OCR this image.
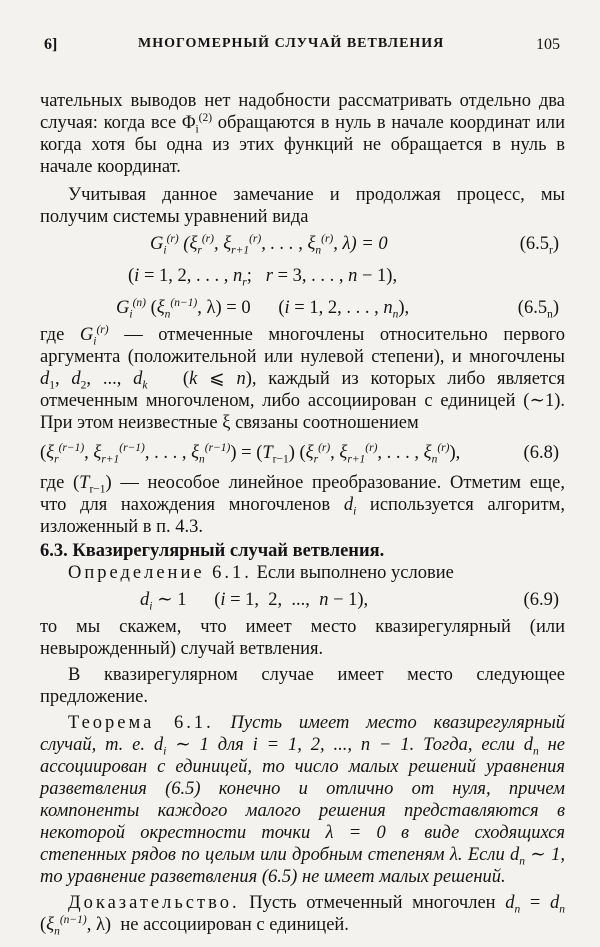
6]	МНОГОМЕРНЫЙ СЛУЧАЙ ВЕТВЛЕНИЯ	105

чательных выводов нет надобности рассматривать отдельно два случая: когда все $\Phi_i^{(2)}$ обращаются в нуль в начале координат или когда хотя бы одна из этих функций не обращается в нуль в начале координат.

Учитывая данное замечание и продолжая процесс, мы получим системы уравнений вида

$G_i^{(r)}$ ($\xi_r^{(r)}$, $\xi_{r+1}^{(r)}$, . . . , $\xi_n^{(r)}$, λ) = 0	$(6.5_r)$
(i = 1, 2, . . . , $n_r$;   r = 3, . . . , n − 1),
$G_i^{(n)}$ ($\xi_n^{(n-1)}$, λ) = 0      (i = 1, 2, . . . , $n_n$),	$(6.5_n)$

где $G_i^{(r)}$ — отмеченные многочлены относительно первого аргумента (положительной или нулевой степени), и многочлены $d_1$, $d_2$, ..., $d_k$   (k ⩽ n), каждый из которых либо является отмеченным многочленом, либо ассоциирован с единицей (∼1). При этом неизвестные ξ связаны соотношением

($\xi_r^{(r-1)}$, $\xi_{r+1}^{(r-1)}$, . . . , $\xi_n^{(r-1)}) = (T_{r-1})$ ($\xi_r^{(r)}$, $\xi_{r+1}^{(r)}$, . . . , $\xi_n^{(r)}$),	(6.8)

где $(T_{r-1})$ — неособое линейное преобразование. Отметим еще, что для нахождения многочленов $d_i$ используется алгоритм, изложенный в п. 4.3.

6.3. Квазирегулярный случай ветвления.

Определение 6.1. Если выполнено условие

$d_i$ ∼ 1      (i = 1,  2,  ...,  n − 1),	(6.9)

то мы скажем, что имеет место квазирегулярный (или невырожденный) случай ветвления.

В квазирегулярном случае имеет место следующее предложение.

Теорема 6.1. Пусть имеет место квазирегулярный случай, т. е. $d_i$ ∼ 1 для i = 1, 2, ..., n − 1. Тогда, если $d_n$ не ассоциирован с единицей, то число малых решений уравнения разветвления (6.5) конечно и отлично от нуля, причем компоненты каждого малого решения представляются в некоторой окрестности точки λ = 0 в виде сходящихся степенных рядов по целым или дробным степеням λ. Если $d_n$ ∼ 1, то уравнение разветвления (6.5) не имеет малых решений.

Доказательство. Пусть отмеченный многочлен $d_n = d_n$ ($\xi_n^{(n-1)}$, λ)  не ассоциирован с единицей.
